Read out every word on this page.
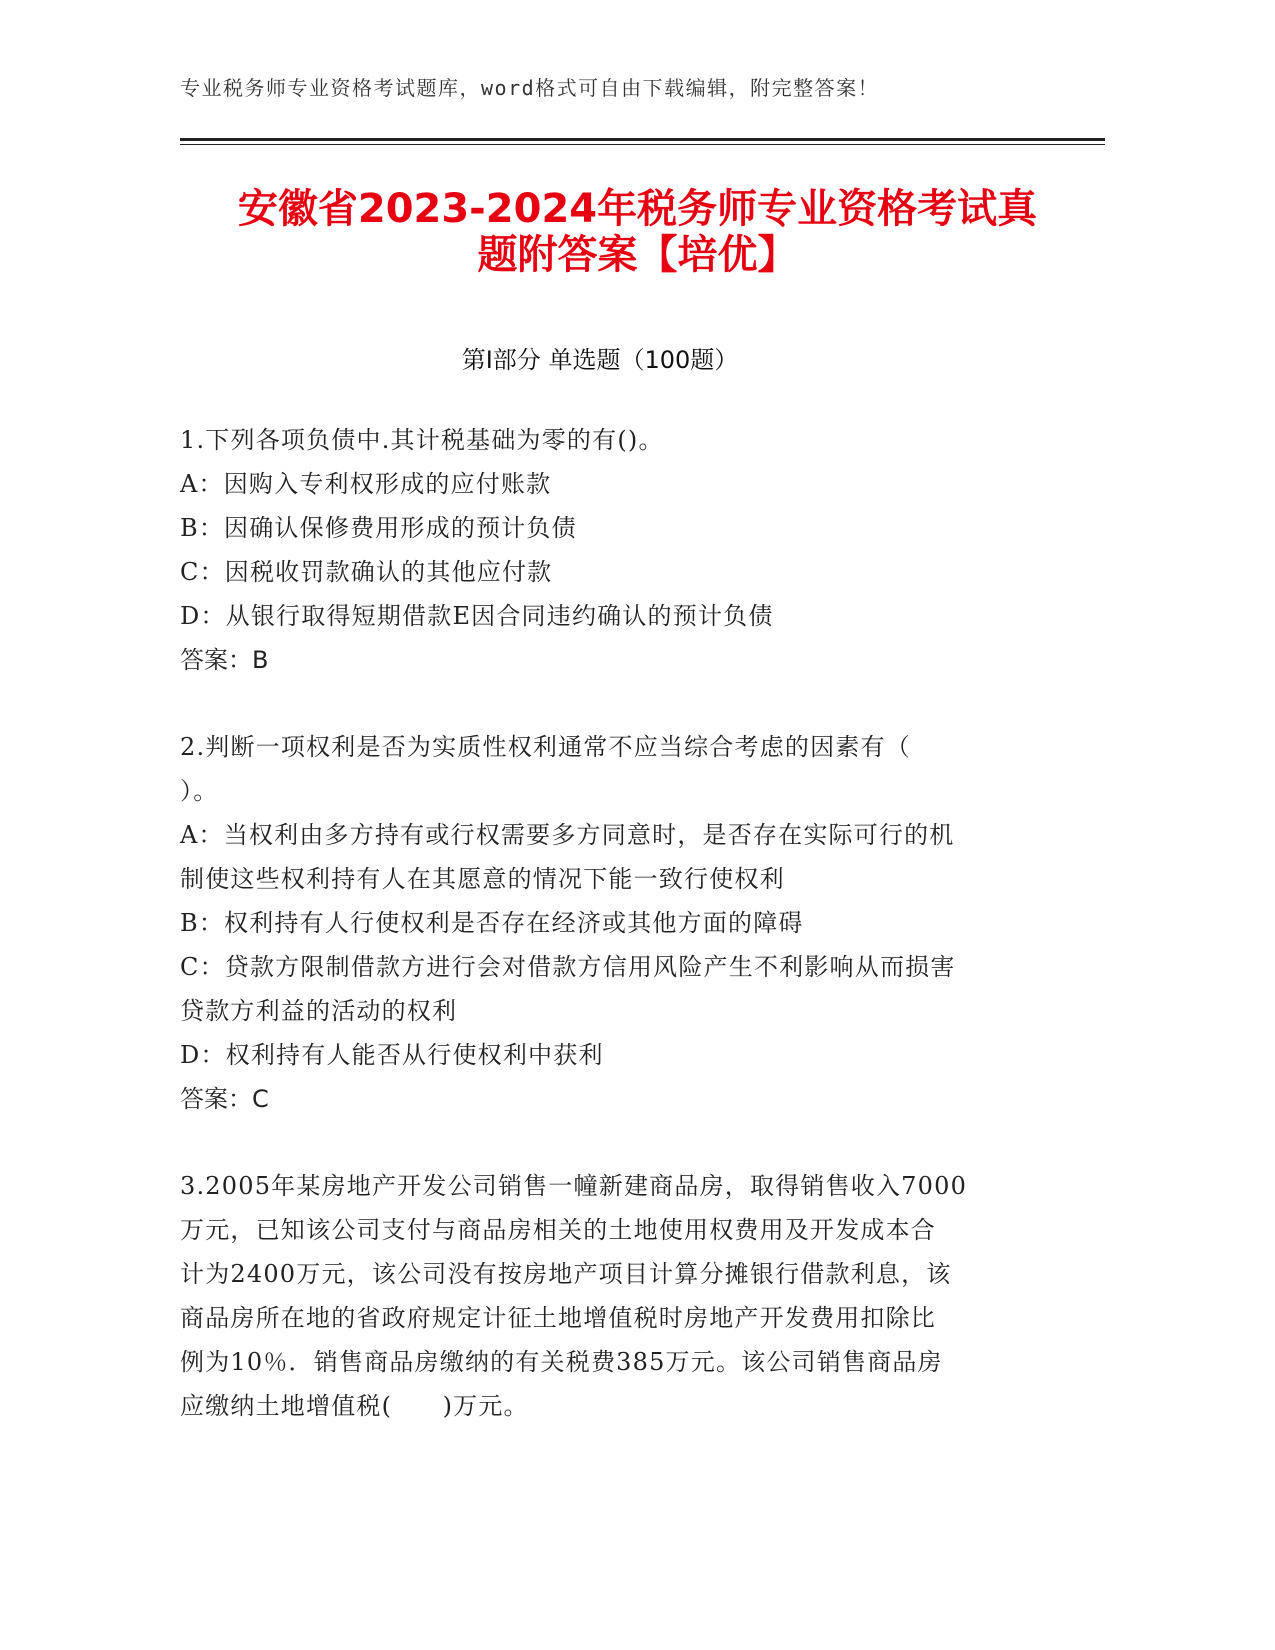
专业税务师专业资格考试题库，word格式可自由下载编辑，附完整答案！
安徽省2023-2024年税务师专业资格考试真
题附答案【培优】
第Ⅰ部分 单选题（100题）

1.下列各项负债中.其计税基础为零的有()。

A：因购入专利权形成的应付账款

B：因确认保修费用形成的预计负债

C：因税收罚款确认的其他应付款

D：从银行取得短期借款E因合同违约确认的预计负债

答案：B

2.判断一项权利是否为实质性权利通常不应当综合考虑的因素有（

）。

A：当权利由多方持有或行权需要多方同意时，是否存在实际可行的机

制使这些权利持有人在其愿意的情况下能一致行使权利

B：权利持有人行使权利是否存在经济或其他方面的障碍

C：贷款方限制借款方进行会对借款方信用风险产生不利影响从而损害

贷款方利益的活动的权利

D：权利持有人能否从行使权利中获利

答案：C

3.2005年某房地产开发公司销售一幢新建商品房，取得销售收入7000

万元，已知该公司支付与商品房相关的土地使用权费用及开发成本合

计为2400万元，该公司没有按房地产项目计算分摊银行借款利息，该

商品房所在地的省政府规定计征土地增值税时房地产开发费用扣除比

例为10％．销售商品房缴纳的有关税费385万元。该公司销售商品房

应缴纳土地增值税(　　)万元。
